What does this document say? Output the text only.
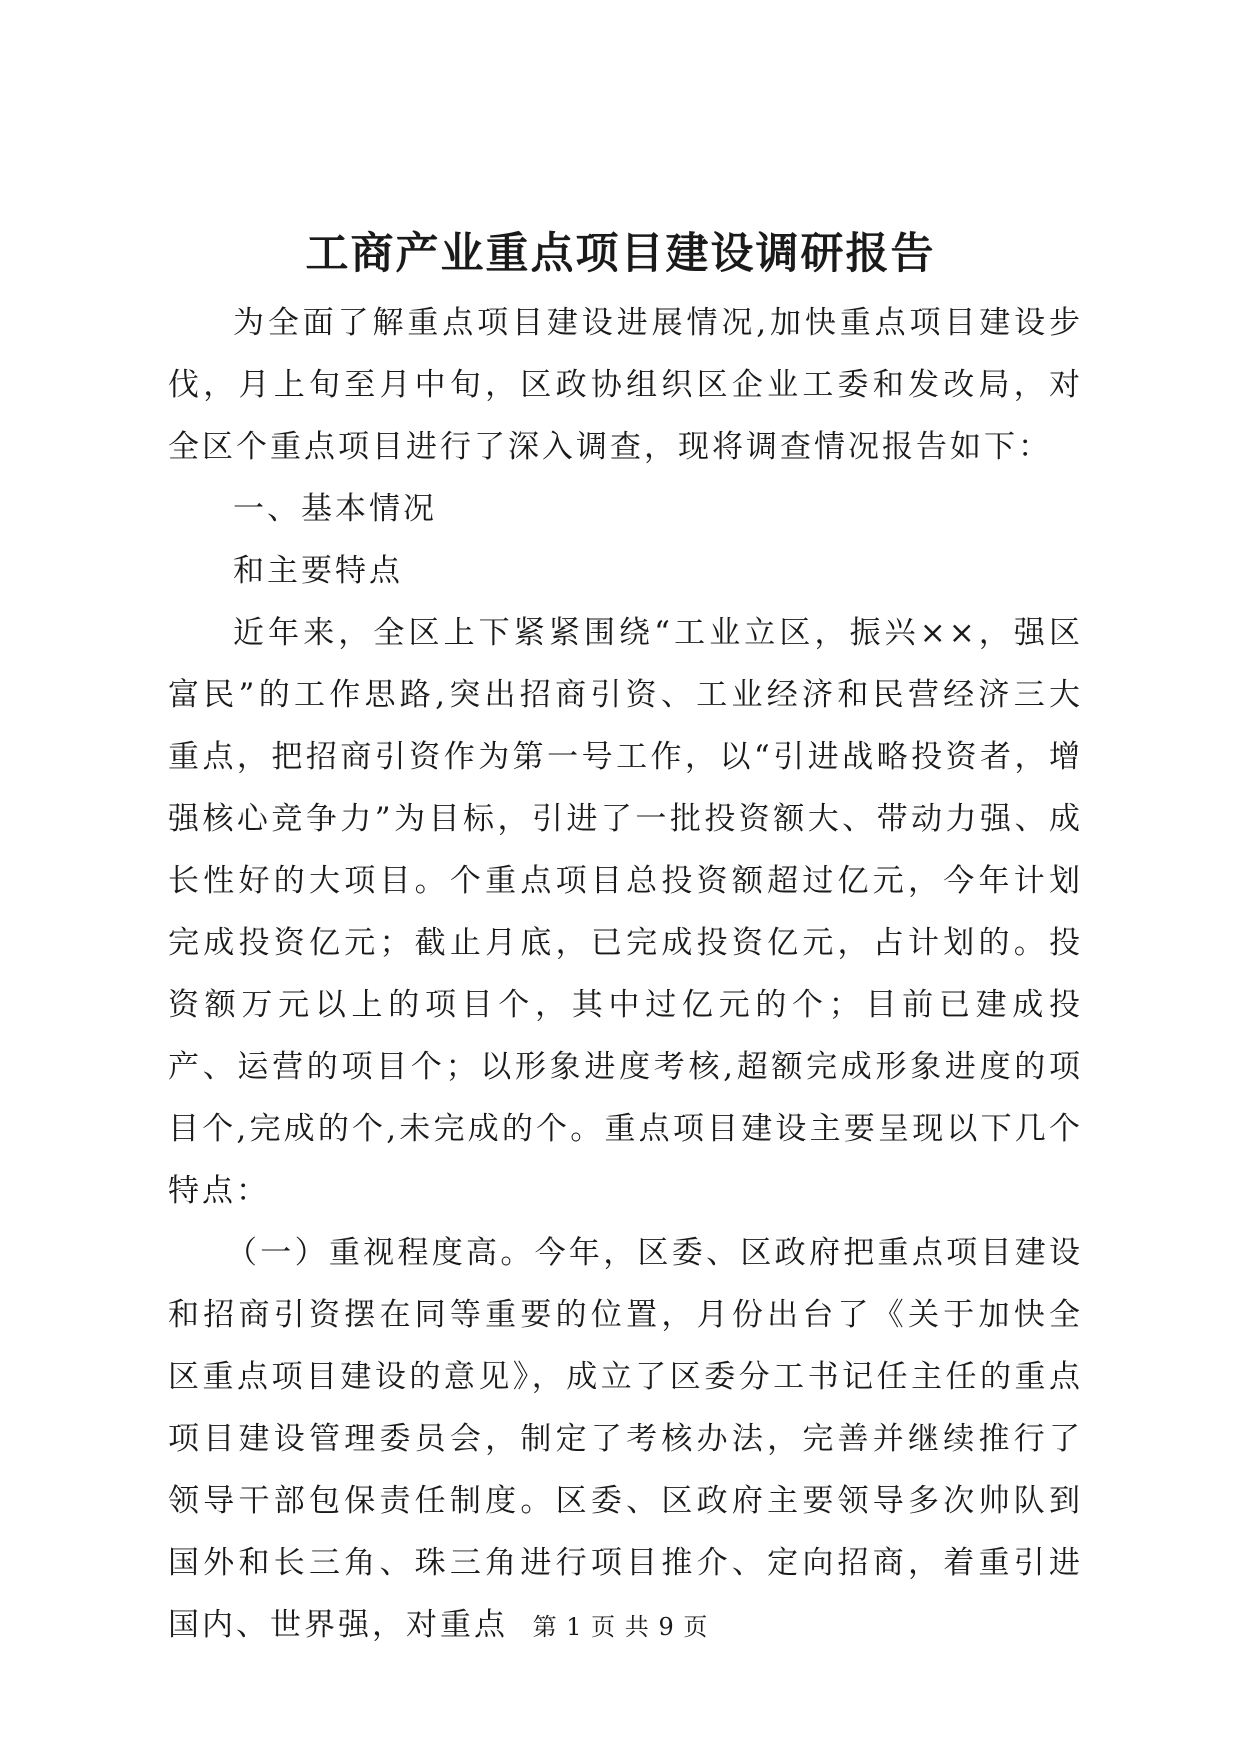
工商产业重点项目建设调研报告

为全面了解重点项目建设进展情况,加快重点项目建设步伐，月上旬至月中旬，区政协组织区企业工委和发改局，对全区个重点项目进行了深入调查，现将调查情况报告如下：

一、基本情况

和主要特点

近年来，全区上下紧紧围绕“工业立区，振兴××，强区富民”的工作思路,突出招商引资、工业经济和民营经济三大重点，把招商引资作为第一号工作，以“引进战略投资者，增强核心竞争力”为目标，引进了一批投资额大、带动力强、成长性好的大项目。个重点项目总投资额超过亿元，今年计划完成投资亿元；截止月底，已完成投资亿元，占计划的。投资额万元以上的项目个，其中过亿元的个；目前已建成投产、运营的项目个；以形象进度考核,超额完成形象进度的项目个,完成的个,未完成的个。重点项目建设主要呈现以下几个特点：

（一）重视程度高。今年，区委、区政府把重点项目建设和招商引资摆在同等重要的位置，月份出台了《关于加快全区重点项目建设的意见》，成立了区委分工书记任主任的重点项目建设管理委员会，制定了考核办法，完善并继续推行了领导干部包保责任制度。区委、区政府主要领导多次帅队到国外和长三角、珠三角进行项目推介、定向招商，着重引进国内、世界强，对重点	第 1 页 共 9 页
